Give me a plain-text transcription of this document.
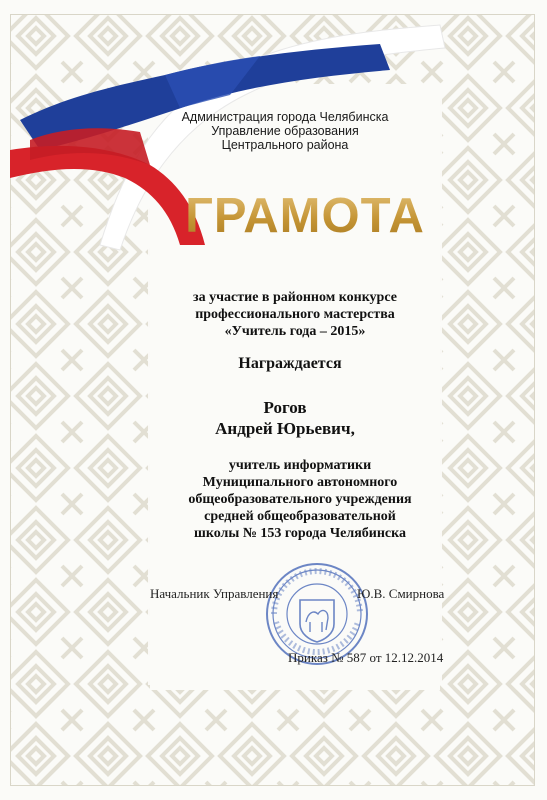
Администрация города Челябинска
Управление образования
Центрального района
ГРАМОТА
за участие в районном конкурсе
профессионального мастерства
«Учитель года – 2015»
Награждается
Рогов
Андрей Юрьевич,
учитель информатики
Муниципального автономного
общеобразовательного учреждения
средней общеобразовательной
школы № 153 города Челябинска
Начальник Управления	Ю.В. Смирнова
Приказ № 587 от 12.12.2014
